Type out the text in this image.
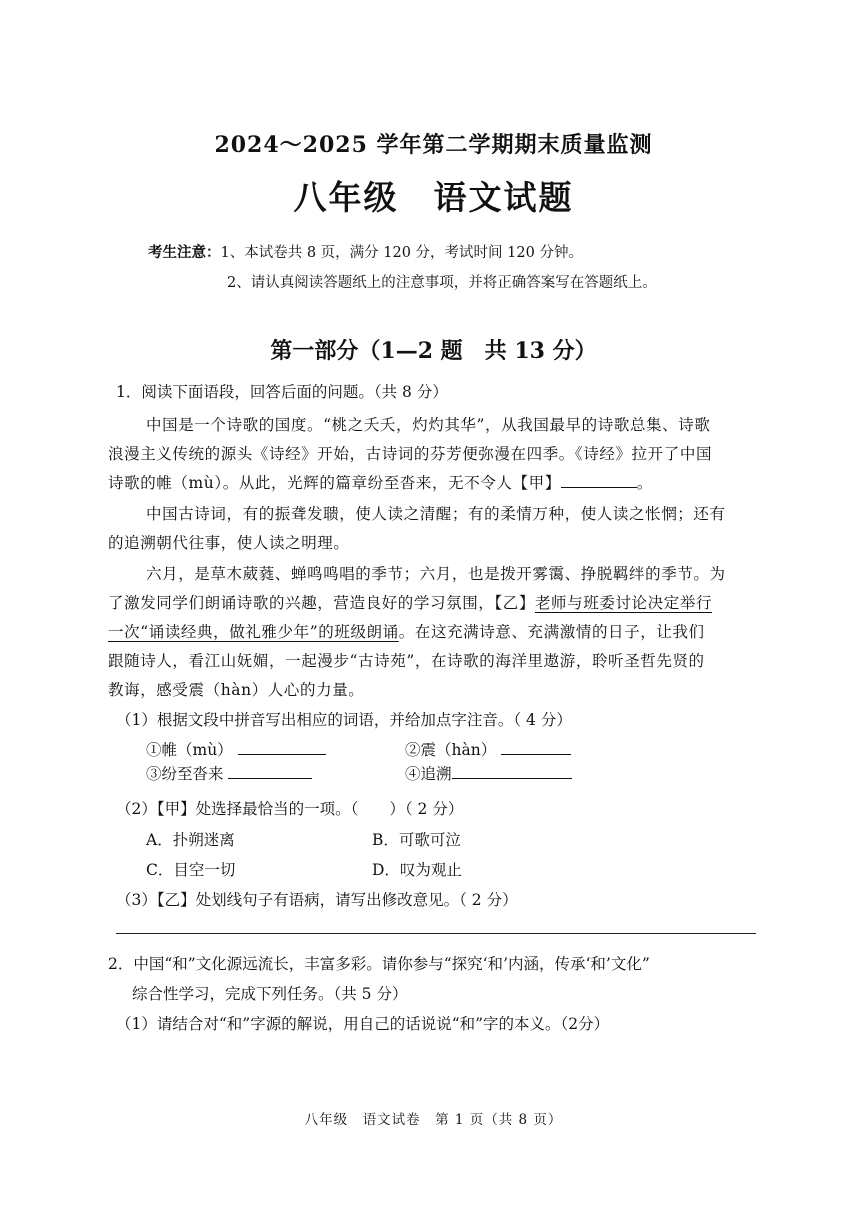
2024～2025 学年第二学期期末质量监测
八年级　语文试题
考生注意：1、本试卷共 8 页，满分 120 分，考试时间 120 分钟。
2、请认真阅读答题纸上的注意事项，并将正确答案写在答题纸上。
第一部分（1—2 题　共 13 分）
1．阅读下面语段，回答后面的问题。（共 8 分）
中国是一个诗歌的国度。“桃之夭夭，灼灼其华”，从我国最早的诗歌总集、诗歌
浪漫主义传统的源头《诗经》开始，古诗词的芬芳便弥漫在四季。《诗经》拉开了中国
诗歌的帷（mù）。从此，光辉的篇章纷至沓来，无不令人【甲】	。
中国古诗词，有的振聋发聩，使人读之清醒；有的柔情万种，使人读之怅惘；还有
的追溯朝代往事，使人读之明理。
六月，是草木葳蕤、蝉鸣鸣唱的季节；六月，也是拨开雾霭、挣脱羁绊的季节。为
了激发同学们朗诵诗歌的兴趣，营造良好的学习氛围，【乙】老师与班委讨论决定举行
一次“诵读经典，做礼雅少年”的班级朗诵。在这充满诗意、充满激情的日子，让我们
跟随诗人，看江山妩媚，一起漫步“古诗苑”，在诗歌的海洋里遨游，聆听圣哲先贤的
教诲，感受震（hàn）人心的力量。
（1）根据文段中拼音写出相应的词语，并给加点字注音。（ 4 分）
①帷（mù）	②震（hàn）
③纷至沓来	④追溯
（2）【甲】处选择最恰当的一项。（　　）（ 2 分）
A．扑朔迷离	B．可歌可泣
C．目空一切	D．叹为观止
（3）【乙】处划线句子有语病，请写出修改意见。（ 2 分）
2．中国“和”文化源远流长，丰富多彩。请你参与“探究‘和’内涵，传承‘和’文化”
综合性学习，完成下列任务。（共 5 分）
（1）请结合对“和”字源的解说，用自己的话说说“和”字的本义。（2分）
八年级　语文试卷　第 1 页（共 8 页）
